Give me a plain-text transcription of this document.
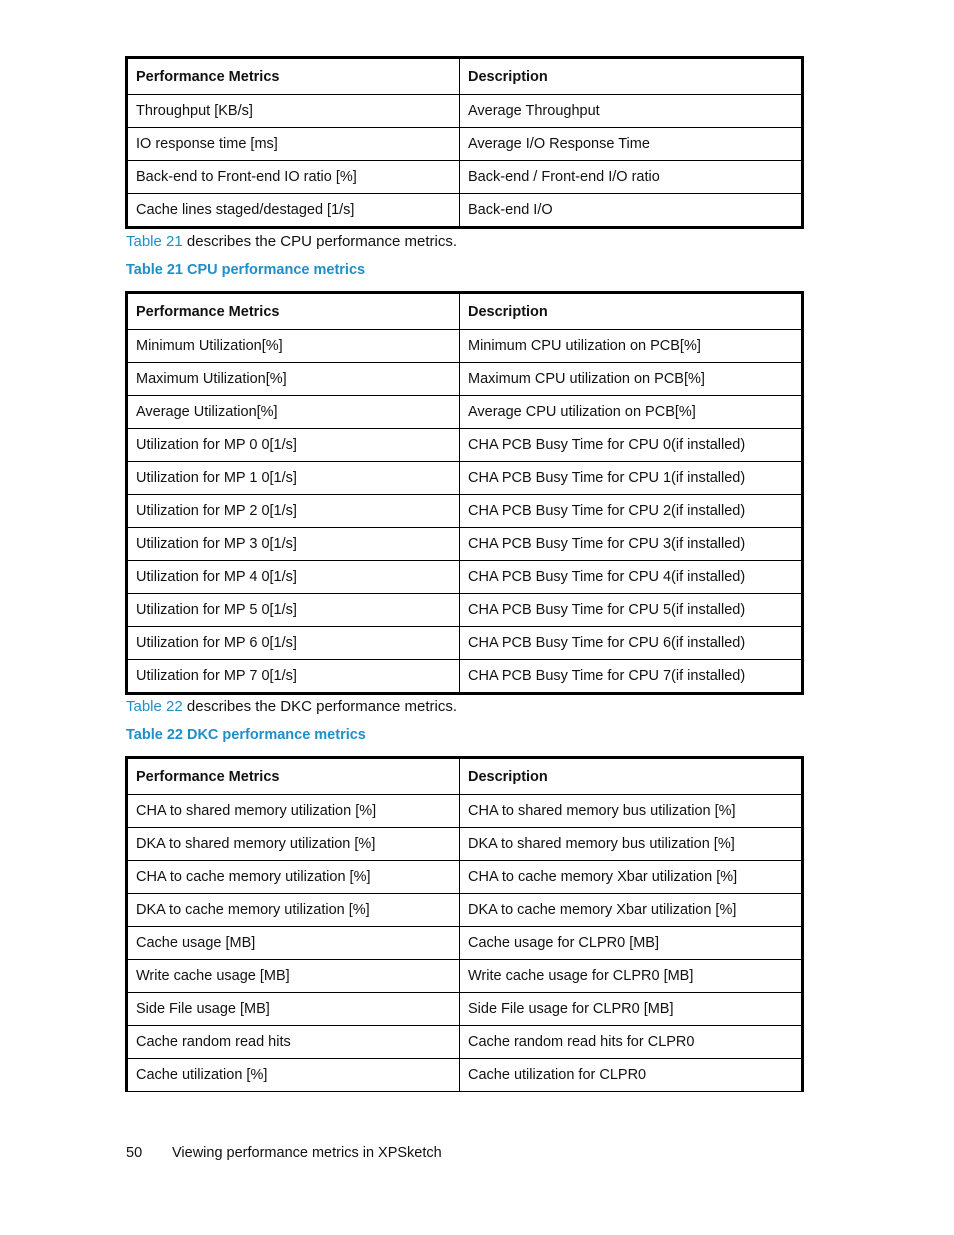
Performance Metrics	Description
Throughput [KB/s]	Average Throughput
IO response time [ms]	Average I/O Response Time
Back-end to Front-end IO ratio [%]	Back-end / Front-end I/O ratio
Cache lines staged/destaged [1/s]	Back-end I/O

Table 21 describes the CPU performance metrics.

Table 21 CPU performance metrics

Performance Metrics	Description
Minimum Utilization[%]	Minimum CPU utilization on PCB[%]
Maximum Utilization[%]	Maximum CPU utilization on PCB[%]
Average Utilization[%]	Average CPU utilization on PCB[%]
Utilization for MP 0 0[1/s]	CHA PCB Busy Time for CPU 0(if installed)
Utilization for MP 1 0[1/s]	CHA PCB Busy Time for CPU 1(if installed)
Utilization for MP 2 0[1/s]	CHA PCB Busy Time for CPU 2(if installed)
Utilization for MP 3 0[1/s]	CHA PCB Busy Time for CPU 3(if installed)
Utilization for MP 4 0[1/s]	CHA PCB Busy Time for CPU 4(if installed)
Utilization for MP 5 0[1/s]	CHA PCB Busy Time for CPU 5(if installed)
Utilization for MP 6 0[1/s]	CHA PCB Busy Time for CPU 6(if installed)
Utilization for MP 7 0[1/s]	CHA PCB Busy Time for CPU 7(if installed)

Table 22 describes the DKC performance metrics.

Table 22 DKC performance metrics

Performance Metrics	Description
CHA to shared memory utilization [%]	CHA to shared memory bus utilization [%]
DKA to shared memory utilization [%]	DKA to shared memory bus utilization [%]
CHA to cache memory utilization [%]	CHA to cache memory Xbar utilization [%]
DKA to cache memory utilization [%]	DKA to cache memory Xbar utilization [%]
Cache usage [MB]	Cache usage for CLPR0 [MB]
Write cache usage [MB]	Write cache usage for CLPR0 [MB]
Side File usage [MB]	Side File usage for CLPR0 [MB]
Cache random read hits	Cache random read hits for CLPR0
Cache utilization [%]	Cache utilization for CLPR0
50 Viewing performance metrics in XPSketch
